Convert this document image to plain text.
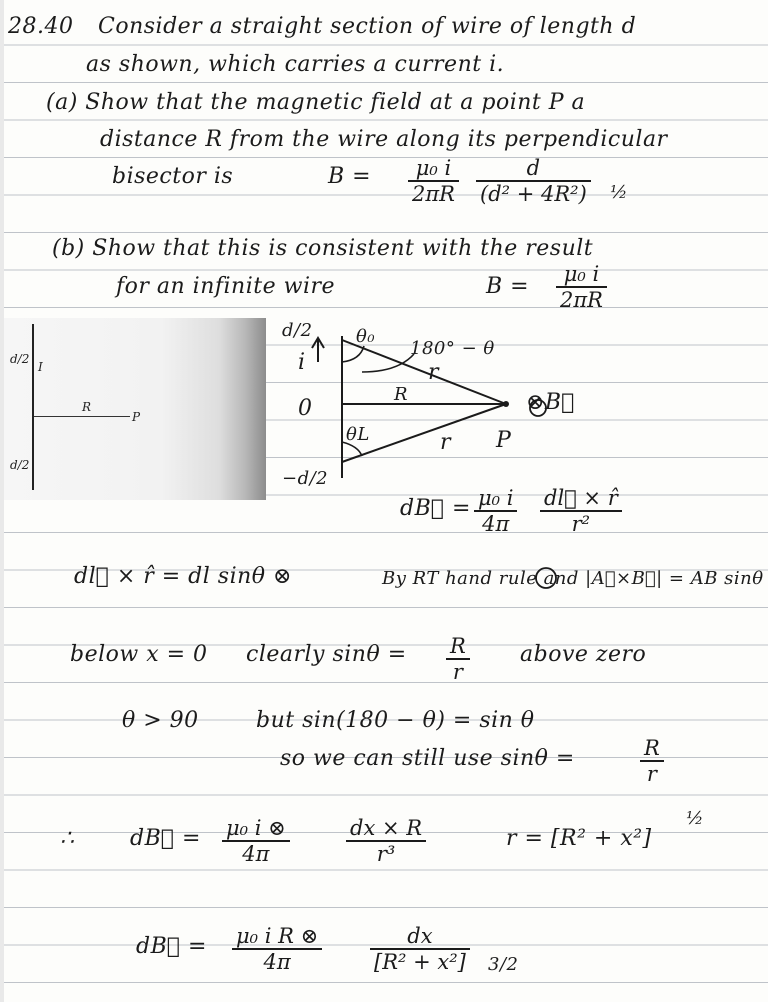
28.40 Consider a straight section of wire of length d
as shown, which carries a current i.
(a) Show that the magnetic field at a point P a
distance R from the wire along its perpendicular
bisector is	$B = \frac{\text{μ₀ i}}{2\pi R} \frac{d}{\text{(d² + 4R²)}}$ ½
(b) Show that this is consistent with the result
for an infinite wire	$B = \frac{\text{μ₀ i}}{2\pi R}$
d/2
I
R
P
d/2
d/2
i
θ₀
180° − θ
r
R	⊗B⃗
0
θL	r P
−d/2
dB⃗ = $\frac{\text{μ₀ i}}{4\pi} \frac{dl⃗ \times r̂}{\text{r²}}$
dl⃗ × r̂ = dl sinθ ⊗	By RT hand rule and |A⃗×B⃗| = AB sinθ
below x = 0 clearly $\sin\theta = \frac{R}{r}$ above zero
θ > 90	but sin(180 − θ) = sin θ
so we can still use sinθ =	$\frac{R}{r}$
∴	dB⃗ = $\frac{\text{μ₀ i ⊗}}{4\pi}$	$\frac{dx \times R}{\text{r³}}$	r = [R² + x²]
½
dB⃗ = $\frac{\text{μ₀ i R ⊗}}{4\pi} \frac{dx}{\text{[R² + x²]}} 3/2$
